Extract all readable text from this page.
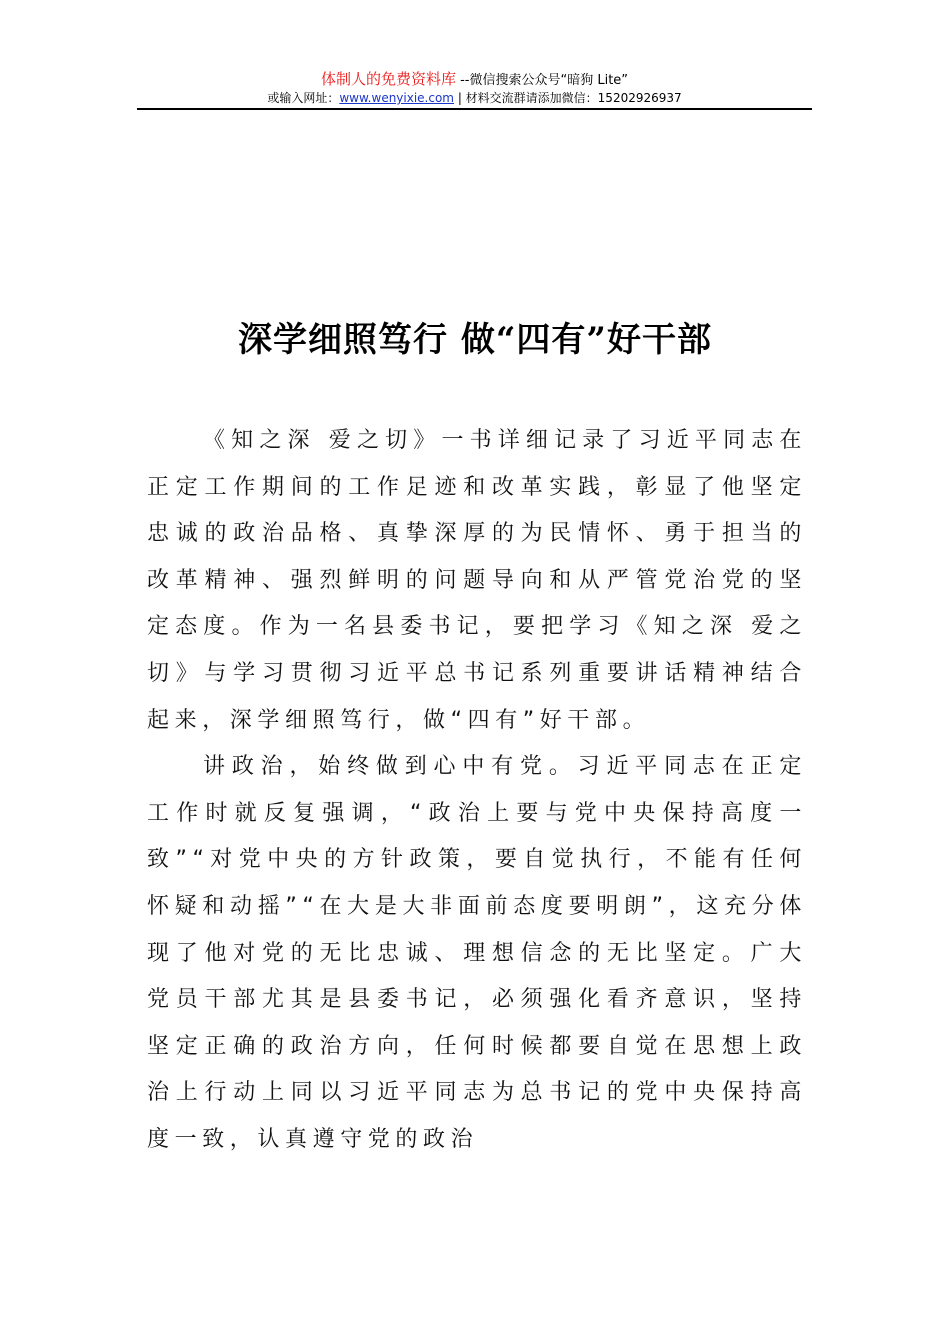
体制人的免费资料库 --微信搜索公众号“暗狗 Lite”
或输入网址：www.wenyixie.com | 材料交流群请添加微信：15202926937
深学细照笃行 做“四有”好干部

《知之深 爱之切》一书详细记录了习近平同志在正定工作期间的工作足迹和改革实践，彰显了他坚定忠诚的政治品格、真挚深厚的为民情怀、勇于担当的改革精神、强烈鲜明的问题导向和从严管党治党的坚定态度。作为一名县委书记，要把学习《知之深 爱之切》与学习贯彻习近平总书记系列重要讲话精神结合起来，深学细照笃行，做“四有”好干部。

讲政治，始终做到心中有党。习近平同志在正定工作时就反复强调，“政治上要与党中央保持高度一致”“对党中央的方针政策，要自觉执行，不能有任何怀疑和动摇”“在大是大非面前态度要明朗”，这充分体现了他对党的无比忠诚、理想信念的无比坚定。广大党员干部尤其是县委书记，必须强化看齐意识，坚持坚定正确的政治方向，任何时候都要自觉在思想上政治上行动上同以习近平同志为总书记的党中央保持高度一致，认真遵守党的政治
